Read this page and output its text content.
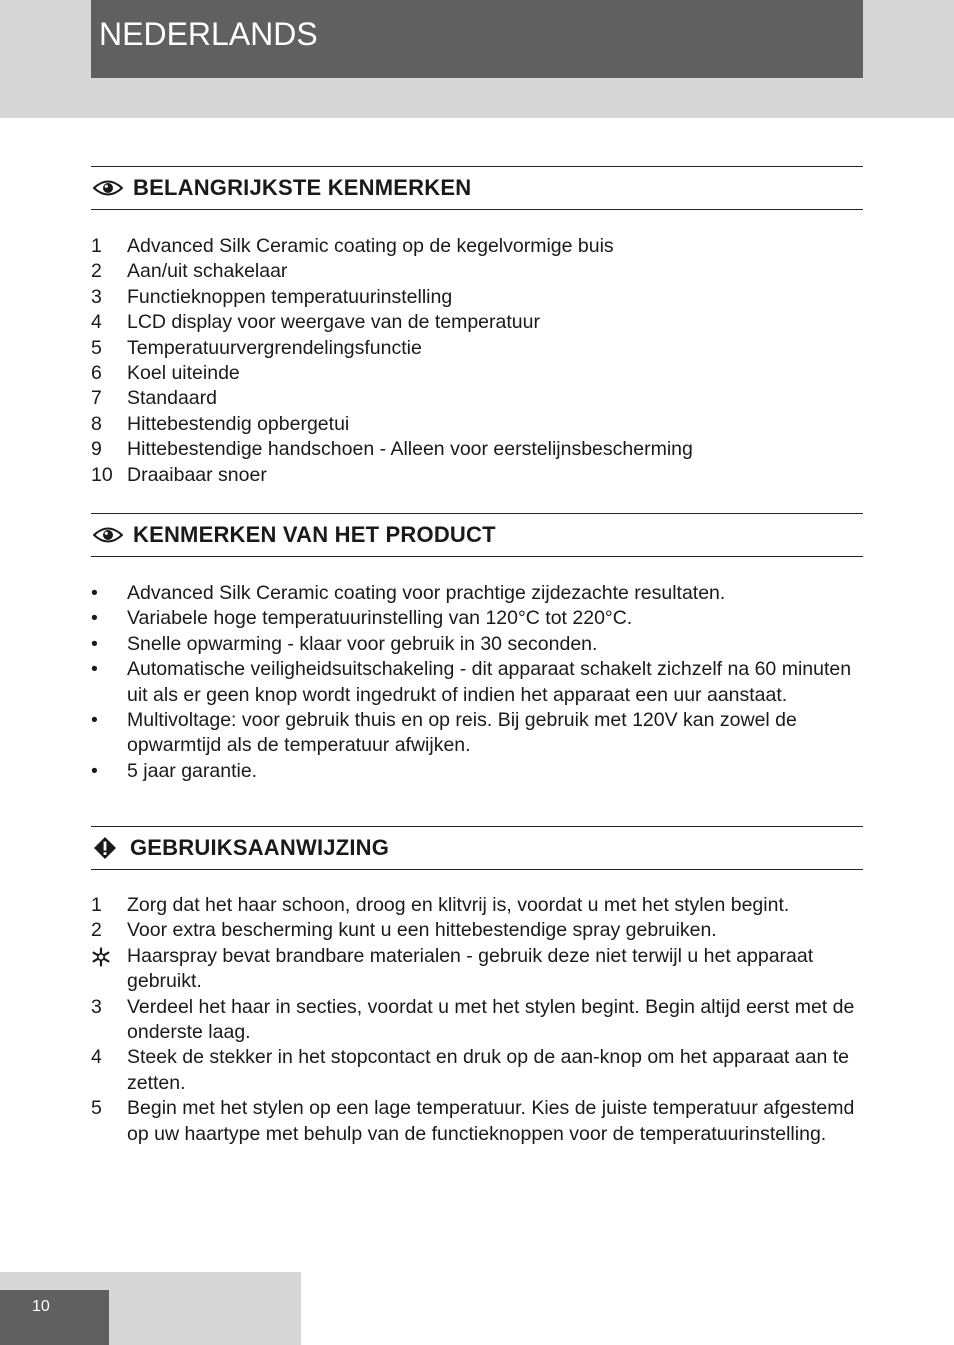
NEDERLANDS
BELANGRIJKSTE KENMERKEN
1	Advanced Silk Ceramic coating op de kegelvormige buis
2	Aan/uit schakelaar
3	Functieknoppen temperatuurinstelling
4	LCD display voor weergave van de temperatuur
5	Temperatuurvergrendelingsfunctie
6	Koel uiteinde
7	Standaard
8	Hittebestendig opbergetui
9	Hittebestendige handschoen - Alleen voor eerstelijnsbescherming
10 Draaibaar snoer
KENMERKEN VAN HET PRODUCT
•	Advanced Silk Ceramic coating voor prachtige zijdezachte resultaten.
•	Variabele hoge temperatuurinstelling van 120°C tot 220°C.
•	Snelle opwarming - klaar voor gebruik in 30 seconden.
•	Automatische veiligheidsuitschakeling - dit apparaat schakelt zichzelf na 60 minuten uit als er geen knop wordt ingedrukt of indien het apparaat een uur aanstaat.
•	Multivoltage: voor gebruik thuis en op reis. Bij gebruik met 120V kan zowel de opwarmtijd als de temperatuur afwijken.
•	5 jaar garantie.
GEBRUIKSAANWIJZING
1	Zorg dat het haar schoon, droog en klitvrij is, voordat u met het stylen begint.
2	Voor extra bescherming kunt u een hittebestendige spray gebruiken.
Haarspray bevat brandbare materialen - gebruik deze niet terwijl u het apparaat gebruikt.
3	Verdeel het haar in secties, voordat u met het stylen begint. Begin altijd eerst met de onderste laag.
4	Steek de stekker in het stopcontact en druk op de aan-knop om het apparaat aan te zetten.
5	Begin met het stylen op een lage temperatuur. Kies de juiste temperatuur afgestemd op uw haartype met behulp van de functieknoppen voor de temperatuurinstelling.
10
